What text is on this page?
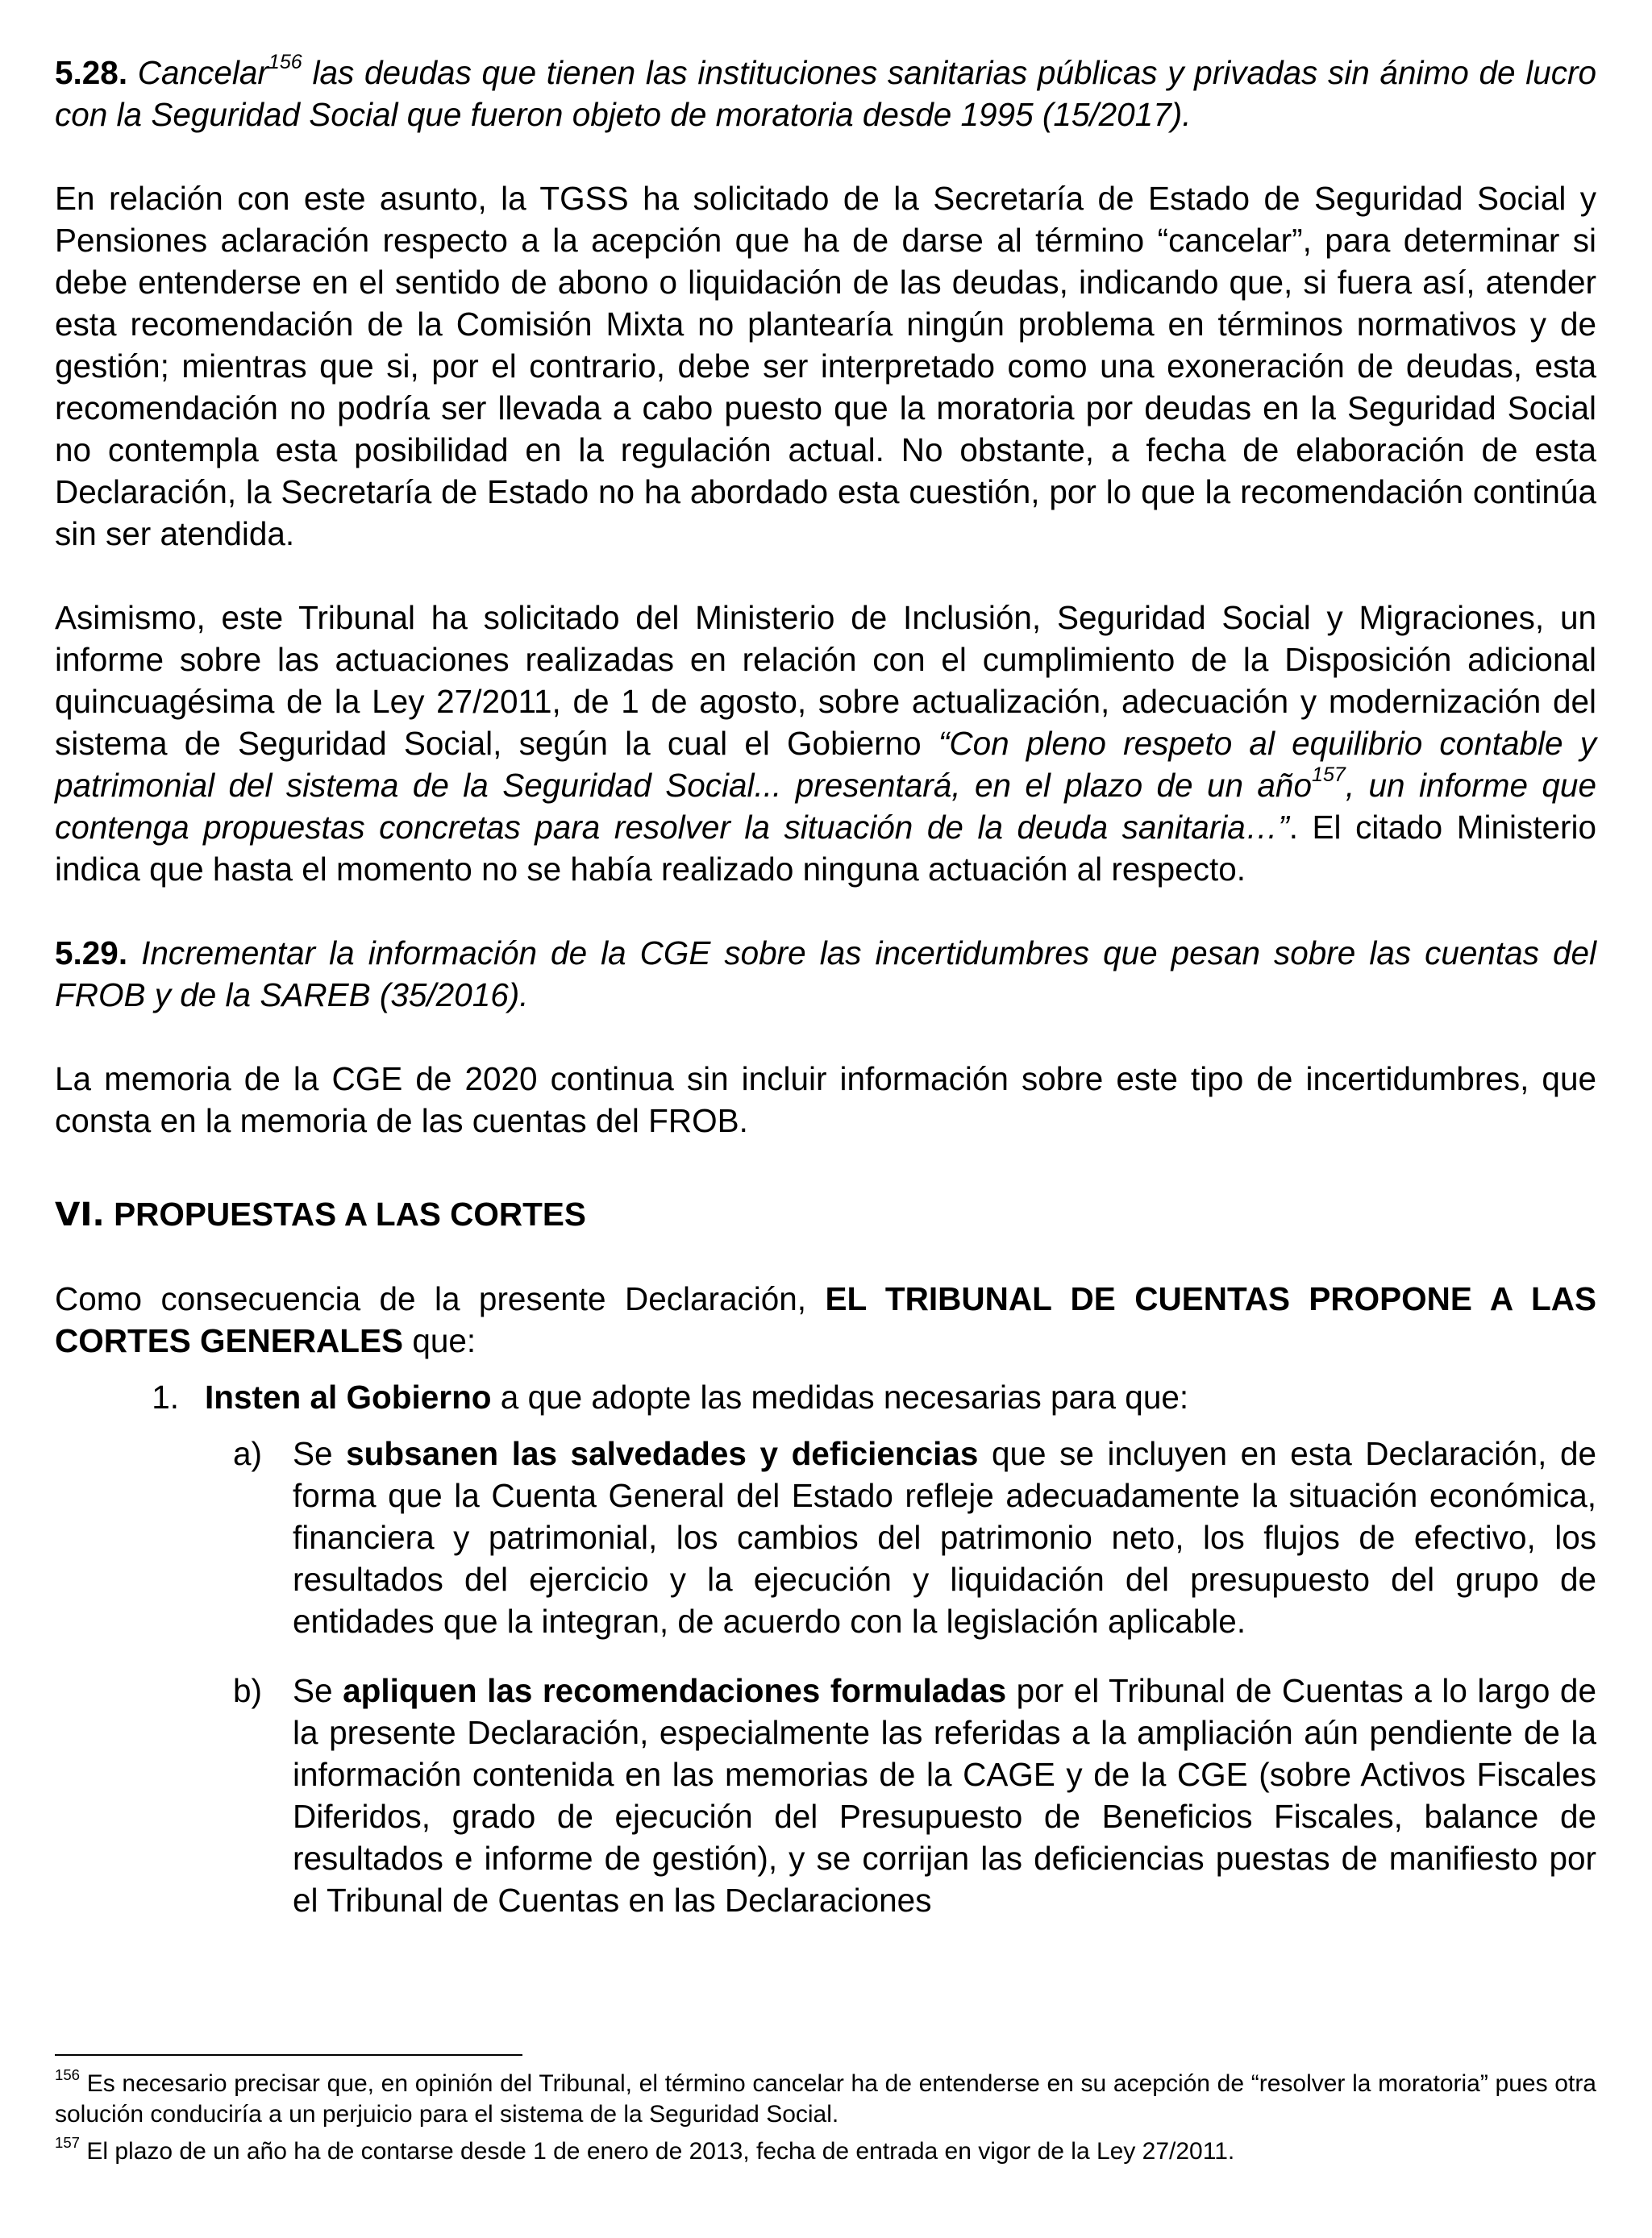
5.28. Cancelar$^{156}$ las deudas que tienen las instituciones sanitarias públicas y privadas sin ánimo de lucro con la Seguridad Social que fueron objeto de moratoria desde 1995 (15/2017).

En relación con este asunto, la TGSS ha solicitado de la Secretaría de Estado de Seguridad Social y Pensiones aclaración respecto a la acepción que ha de darse al término “cancelar”, para determinar si debe entenderse en el sentido de abono o liquidación de las deudas, indicando que, si fuera así, atender esta recomendación de la Comisión Mixta no plantearía ningún problema en términos normativos y de gestión; mientras que si, por el contrario, debe ser interpretado como una exoneración de deudas, esta recomendación no podría ser llevada a cabo puesto que la moratoria por deudas en la Seguridad Social no contempla esta posibilidad en la regulación actual. No obstante, a fecha de elaboración de esta Declaración, la Secretaría de Estado no ha abordado esta cuestión, por lo que la recomendación continúa sin ser atendida.

Asimismo, este Tribunal ha solicitado del Ministerio de Inclusión, Seguridad Social y Migraciones, un informe sobre las actuaciones realizadas en relación con el cumplimiento de la Disposición adicional quincuagésima de la Ley 27/2011, de 1 de agosto, sobre actualización, adecuación y modernización del sistema de Seguridad Social, según la cual el Gobierno “Con pleno respeto al equilibrio contable y patrimonial del sistema de la Seguridad Social... presentará, en el plazo de un año$^{157}$, un informe que contenga propuestas concretas para resolver la situación de la deuda sanitaria…”. El citado Ministerio indica que hasta el momento no se había realizado ninguna actuación al respecto.

5.29. Incrementar la información de la CGE sobre las incertidumbres que pesan sobre las cuentas del FROB y de la SAREB (35/2016).

La memoria de la CGE de 2020 continua sin incluir información sobre este tipo de incertidumbres, que consta en la memoria de las cuentas del FROB.

VI. PROPUESTAS A LAS CORTES

Como consecuencia de la presente Declaración, EL TRIBUNAL DE CUENTAS PROPONE A LAS CORTES GENERALES que:

1. Insten al Gobierno a que adopte las medidas necesarias para que:
a) Se subsanen las salvedades y deficiencias que se incluyen en esta Declaración, de forma que la Cuenta General del Estado refleje adecuadamente la situación económica, financiera y patrimonial, los cambios del patrimonio neto, los flujos de efectivo, los resultados del ejercicio y la ejecución y liquidación del presupuesto del grupo de entidades que la integran, de acuerdo con la legislación aplicable.
b) Se apliquen las recomendaciones formuladas por el Tribunal de Cuentas a lo largo de la presente Declaración, especialmente las referidas a la ampliación aún pendiente de la información contenida en las memorias de la CAGE y de la CGE (sobre Activos Fiscales Diferidos, grado de ejecución del Presupuesto de Beneficios Fiscales, balance de resultados e informe de gestión), y se corrijan las deficiencias puestas de manifiesto por el Tribunal de Cuentas en las Declaraciones
$^{156}$ Es necesario precisar que, en opinión del Tribunal, el término cancelar ha de entenderse en su acepción de “resolver la moratoria” pues otra solución conduciría a un perjuicio para el sistema de la Seguridad Social.
$^{157}$ El plazo de un año ha de contarse desde 1 de enero de 2013, fecha de entrada en vigor de la Ley 27/2011.
